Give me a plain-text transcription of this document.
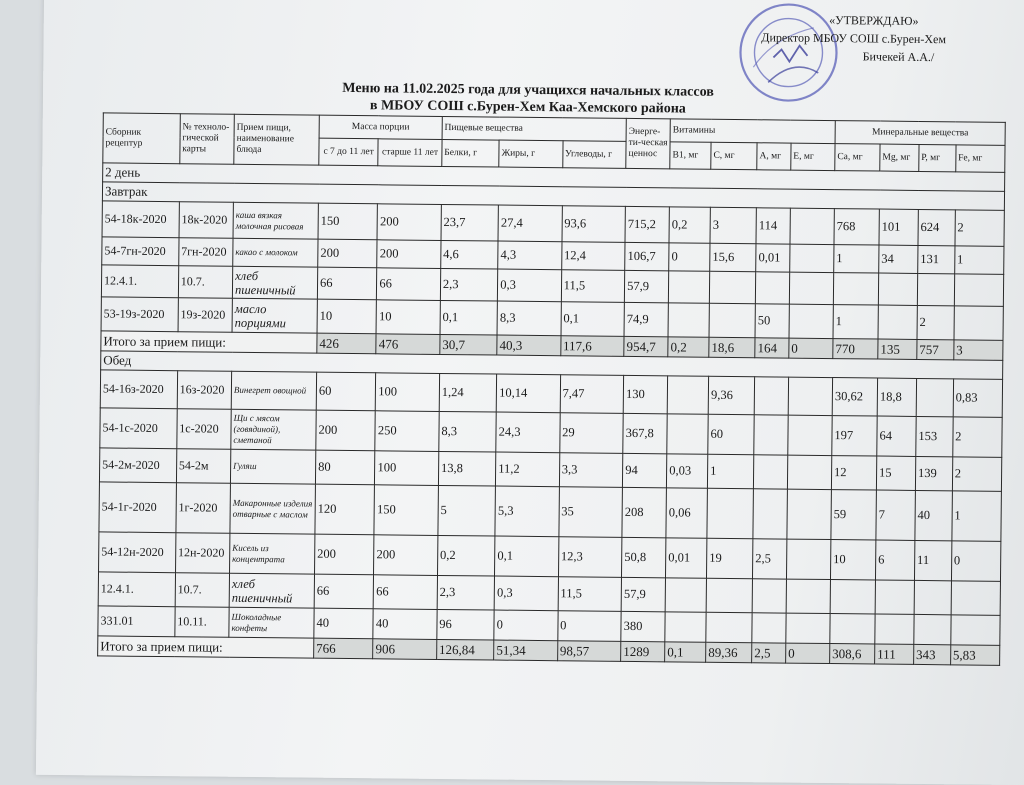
«УТВЕРЖДАЮ»
Директор МБОУ СОШ с.Бурен-Хем
Бичекей А.А./
Меню на 11.02.2025 года для учащихся начальных классов
в МБОУ СОШ с.Бурен-Хем Каа-Хемского района
Сборник рецептур	№ техноло-гической карты	Прием пищи, наименование блюда	Масса порции		Пищевые вещества			Энерге-ти-ческая ценнос	Витамины				Минеральные вещества			
			с 7 до 11 лет	старше 11 лет	Белки, г	Жиры, г	Углеводы, г		B1, мг	С, мг	А, мг	Е, мг	Са, мг	Mg, мг	Р, мг	Fe, мг
2 день																
Завтрак																
54-18к-2020	18к-2020	каша вязкая молочная рисовая	150	200	23,7	27,4	93,6	715,2	0,2	3	114		768	101	624	2
54-7гн-2020	7гн-2020	какао с молоком	200	200	4,6	4,3	12,4	106,7	0	15,6	0,01		1	34	131	1
12.4.1.	10.7.	хлеб пшеничный	66	66	2,3	0,3	11,5	57,9								
53-19з-2020	19з-2020	масло порциями	10	10	0,1	8,3	0,1	74,9			50		1		2	
Итого за прием пищи:			426	476	30,7	40,3	117,6	954,7	0,2	18,6	164	0	770	135	757	3
Обед																
54-16з-2020	16з-2020	Винегрет овощной	60	100	1,24	10,14	7,47	130		9,36			30,62	18,8		0,83
54-1с-2020	1с-2020	Щи с мясом (говядиной), сметаной	200	250	8,3	24,3	29	367,8		60			197	64	153	2
54-2м-2020	54-2м	Гуляш	80	100	13,8	11,2	3,3	94	0,03	1			12	15	139	2
54-1г-2020	1г-2020	Макаронные изделия отварные с маслом	120	150	5	5,3	35	208	0,06				59	7	40	1
54-12н-2020	12н-2020	Кисель из концентрата	200	200	0,2	0,1	12,3	50,8	0,01	19	2,5		10	6	11	0
12.4.1.	10.7.	хлеб пшеничный	66	66	2,3	0,3	11,5	57,9								
331.01	10.11.	Шоколадные конфеты	40	40	96	0	0	380								
Итого за прием пищи:			766	906	126,84	51,34	98,57	1289	0,1	89,36	2,5	0	308,6	111	343	5,83
